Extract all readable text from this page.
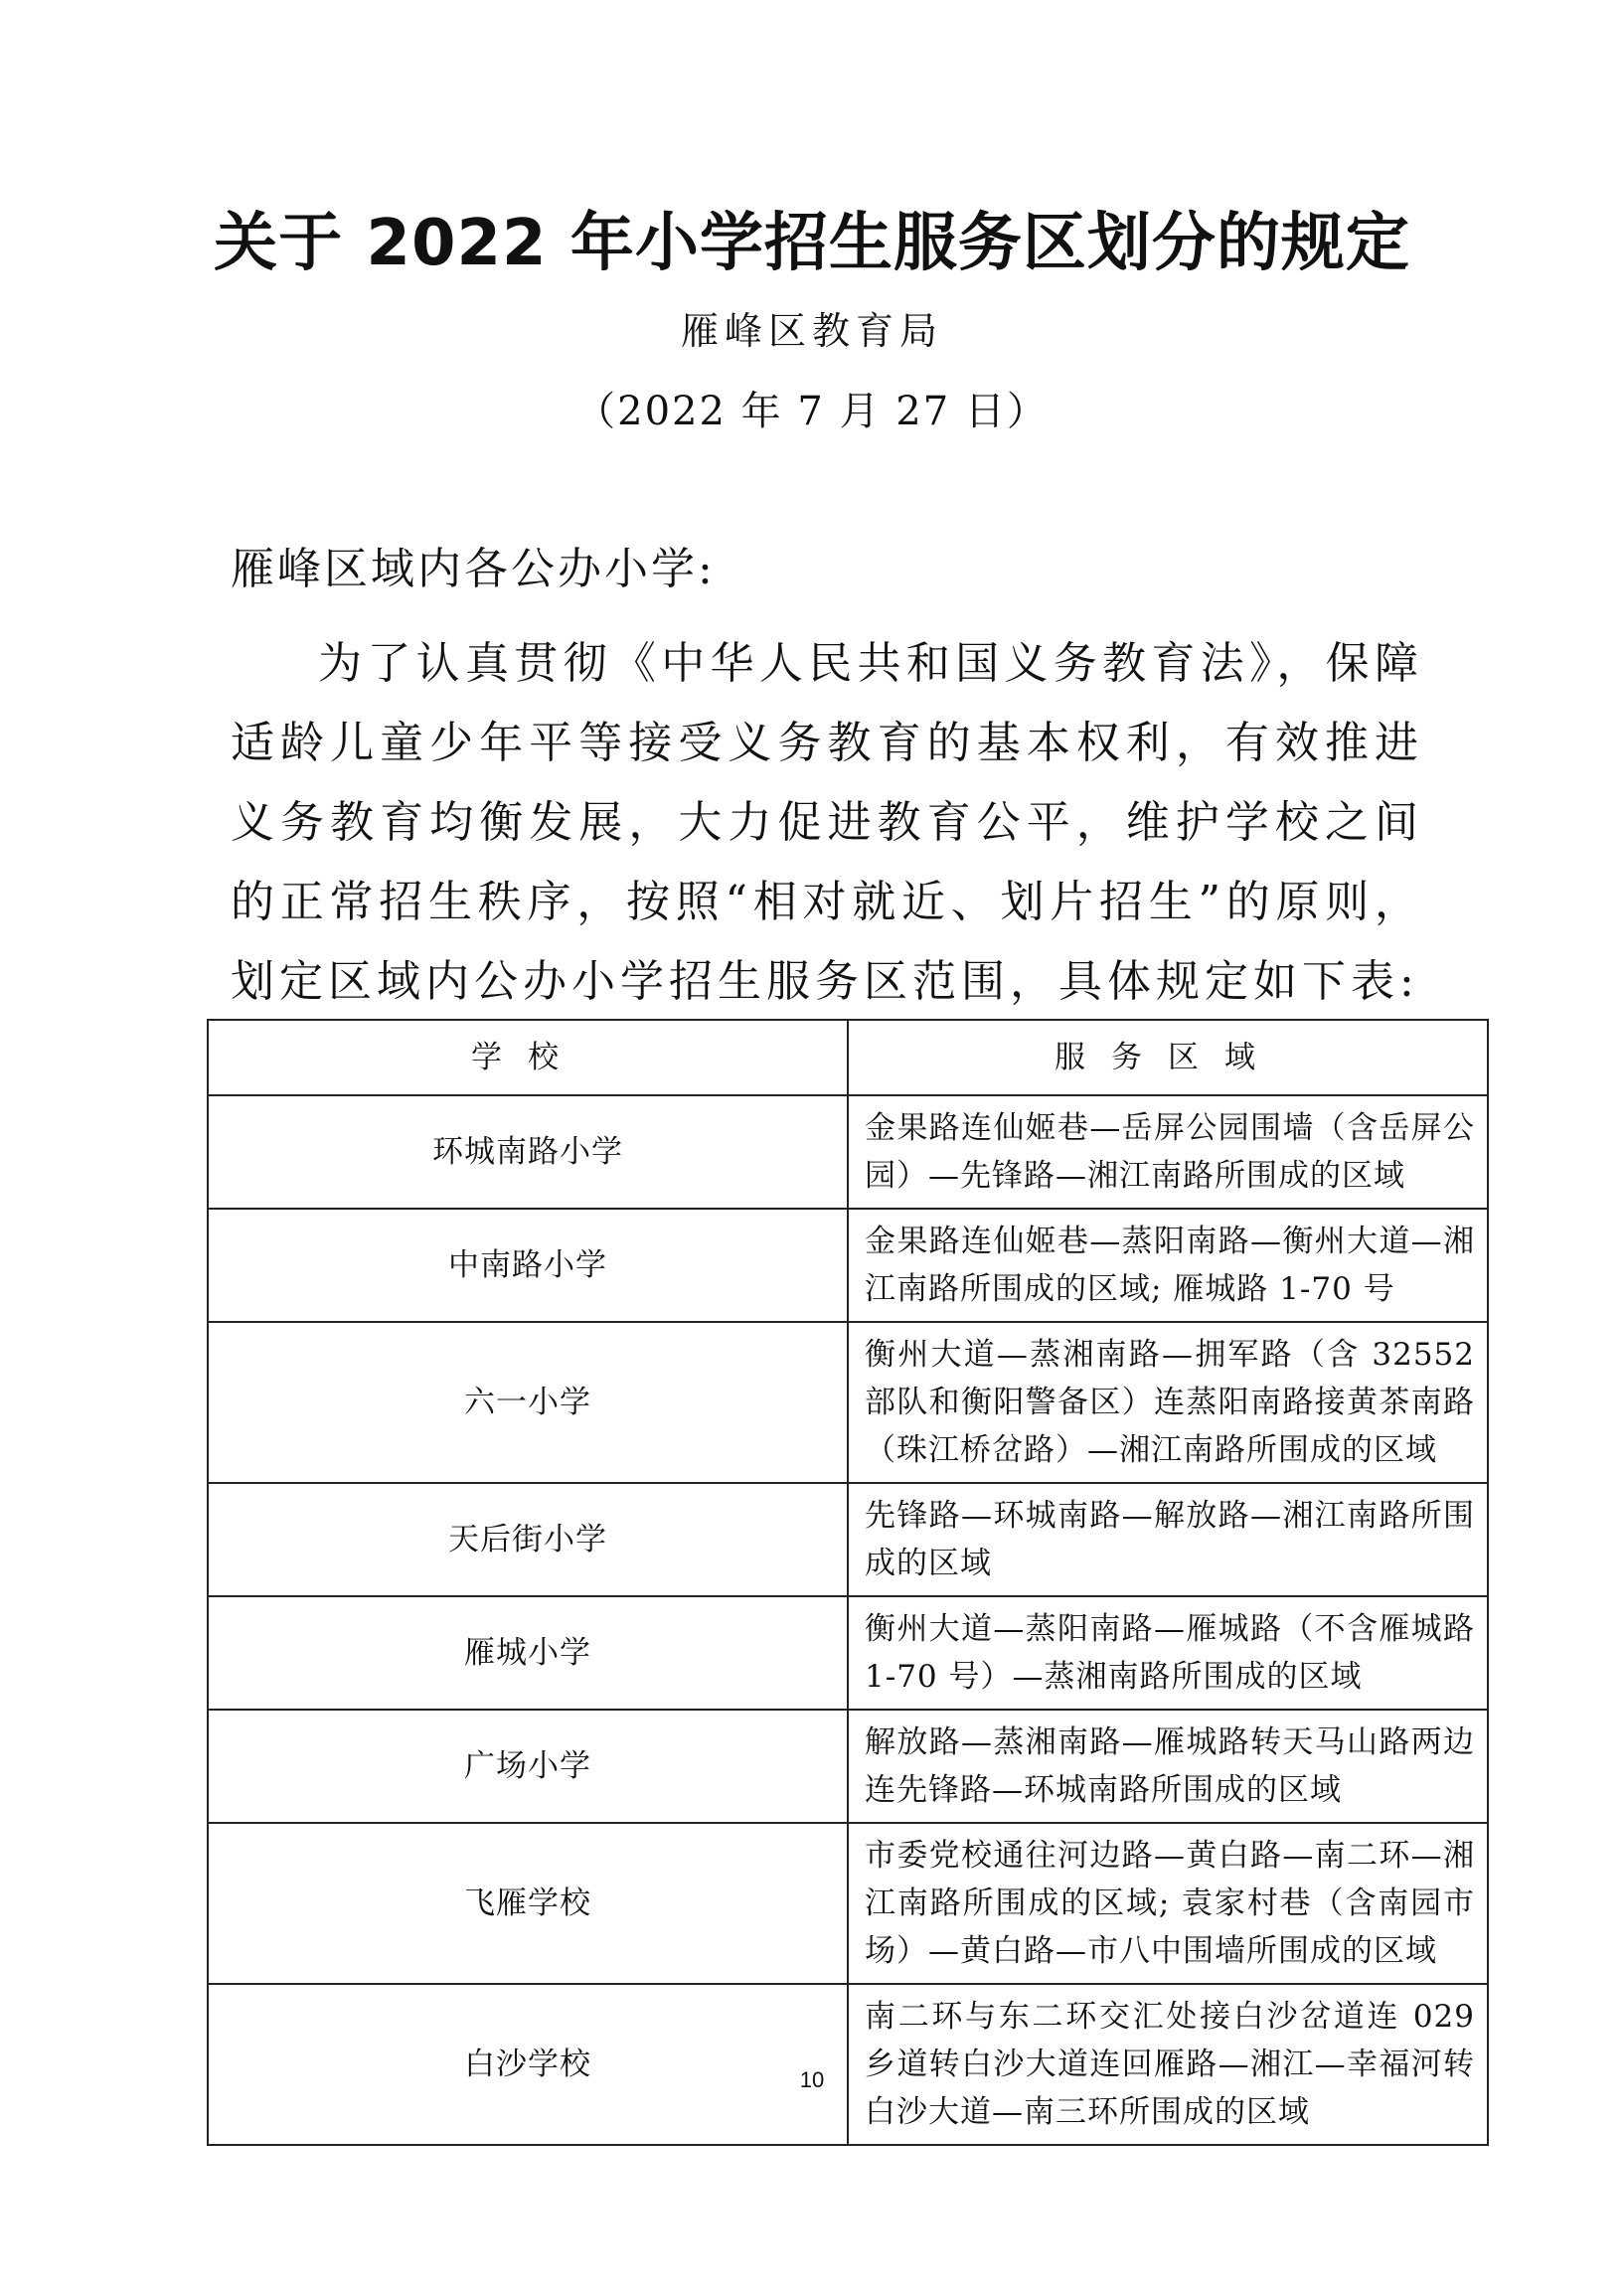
关于 2022 年小学招生服务区划分的规定
雁峰区教育局
（2022 年 7 月 27 日）
雁峰区域内各公办小学:

为了认真贯彻《中华人民共和国义务教育法》，保障适龄儿童少年平等接受义务教育的基本权利，有效推进义务教育均衡发展，大力促进教育公平，维护学校之间的正常招生秩序，按照“相对就近、划片招生”的原则，划定区域内公办小学招生服务区范围，具体规定如下表:

学校	服务区域
环城南路小学	金果路连仙姬巷—岳屏公园围墙（含岳屏公园）—先锋路—湘江南路所围成的区域
中南路小学	金果路连仙姬巷—蒸阳南路—衡州大道—湘江南路所围成的区域; 雁城路 1-70 号
六一小学	衡州大道—蒸湘南路—拥军路（含 32552 部队和衡阳警备区）连蒸阳南路接黄茶南路（珠江桥岔路）—湘江南路所围成的区域
天后街小学	先锋路—环城南路—解放路—湘江南路所围成的区域
雁城小学	衡州大道—蒸阳南路—雁城路（不含雁城路 1-70 号）—蒸湘南路所围成的区域
广场小学	解放路—蒸湘南路—雁城路转天马山路两边连先锋路—环城南路所围成的区域
飞雁学校	市委党校通往河边路—黄白路—南二环—湘江南路所围成的区域; 袁家村巷（含南园市场）—黄白路—市八中围墙所围成的区域
白沙学校	南二环与东二环交汇处接白沙岔道连 029 乡道转白沙大道连回雁路—湘江—幸福河转白沙大道—南三环所围成的区域
10
